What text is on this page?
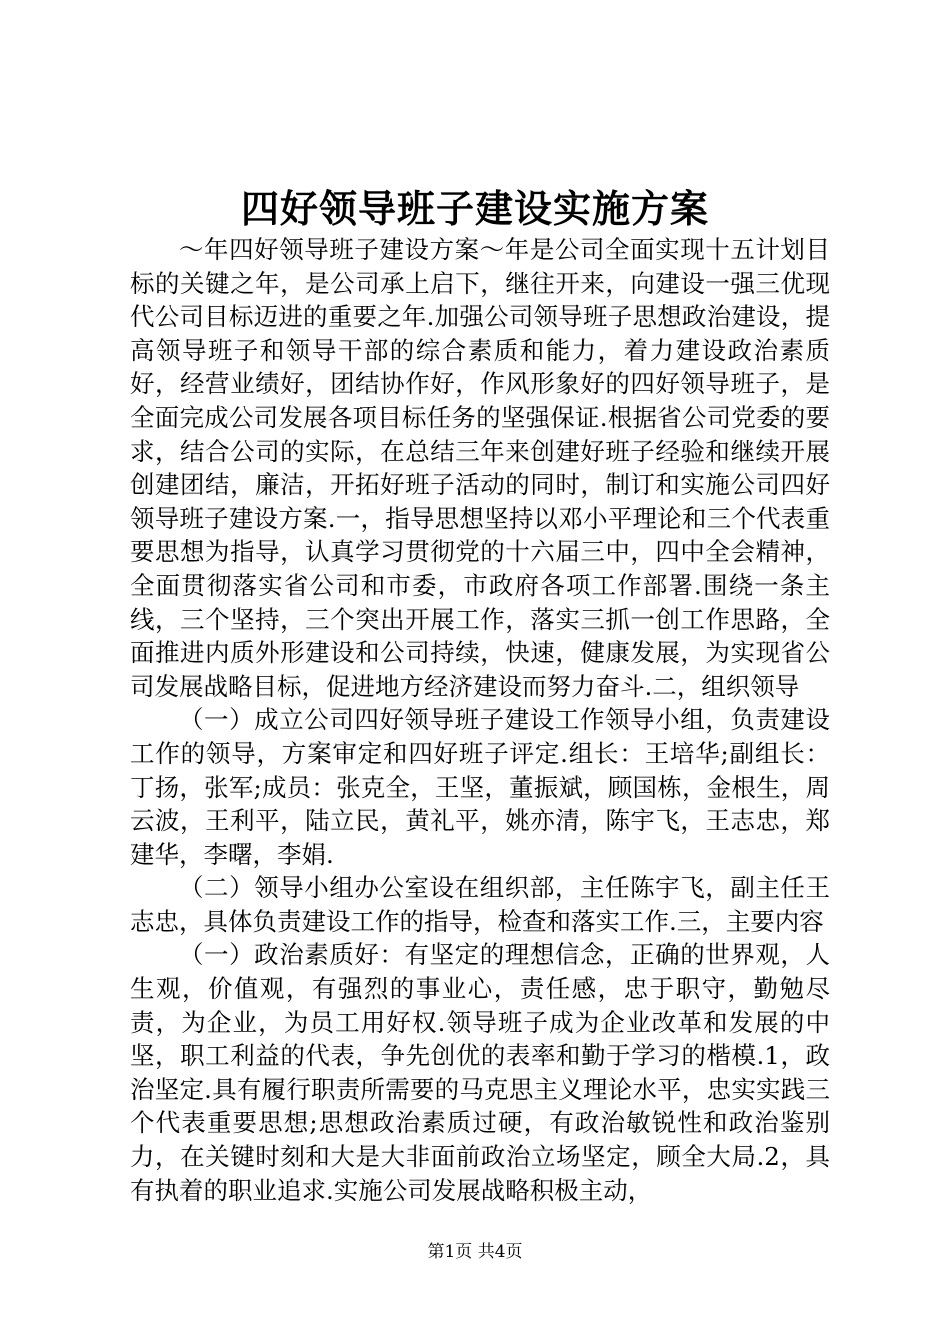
四好领导班子建设实施方案

～年四好领导班子建设方案～年是公司全面实现十五计划目标的关键之年，是公司承上启下，继往开来，向建设一强三优现代公司目标迈进的重要之年.加强公司领导班子思想政治建设，提高领导班子和领导干部的综合素质和能力，着力建设政治素质好，经营业绩好，团结协作好，作风形象好的四好领导班子，是全面完成公司发展各项目标任务的坚强保证.根据省公司党委的要求，结合公司的实际，在总结三年来创建好班子经验和继续开展创建团结，廉洁，开拓好班子活动的同时，制订和实施公司四好领导班子建设方案.一，指导思想坚持以邓小平理论和三个代表重要思想为指导，认真学习贯彻党的十六届三中，四中全会精神，全面贯彻落实省公司和市委，市政府各项工作部署.围绕一条主线，三个坚持，三个突出开展工作，落实三抓一创工作思路，全面推进内质外形建设和公司持续，快速，健康发展，为实现省公司发展战略目标，促进地方经济建设而努力奋斗.二，组织领导

（一）成立公司四好领导班子建设工作领导小组，负责建设工作的领导，方案审定和四好班子评定.组长：王培华;副组长：丁扬，张军;成员：张克全，王坚，董振斌，顾国栋，金根生，周云波，王利平，陆立民，黄礼平，姚亦清，陈宇飞，王志忠，郑建华，李曙，李娟.

（二）领导小组办公室设在组织部，主任陈宇飞，副主任王志忠，具体负责建设工作的指导，检查和落实工作.三，主要内容

（一）政治素质好：有坚定的理想信念，正确的世界观，人生观，价值观，有强烈的事业心，责任感，忠于职守，勤勉尽责，为企业，为员工用好权.领导班子成为企业改革和发展的中坚，职工利益的代表，争先创优的表率和勤于学习的楷模.1，政治坚定.具有履行职责所需要的马克思主义理论水平，忠实实践三个代表重要思想;思想政治素质过硬，有政治敏锐性和政治鉴别力，在关键时刻和大是大非面前政治立场坚定，顾全大局.2，具有执着的职业追求.实施公司发展战略积极主动，

第1页 共4页
